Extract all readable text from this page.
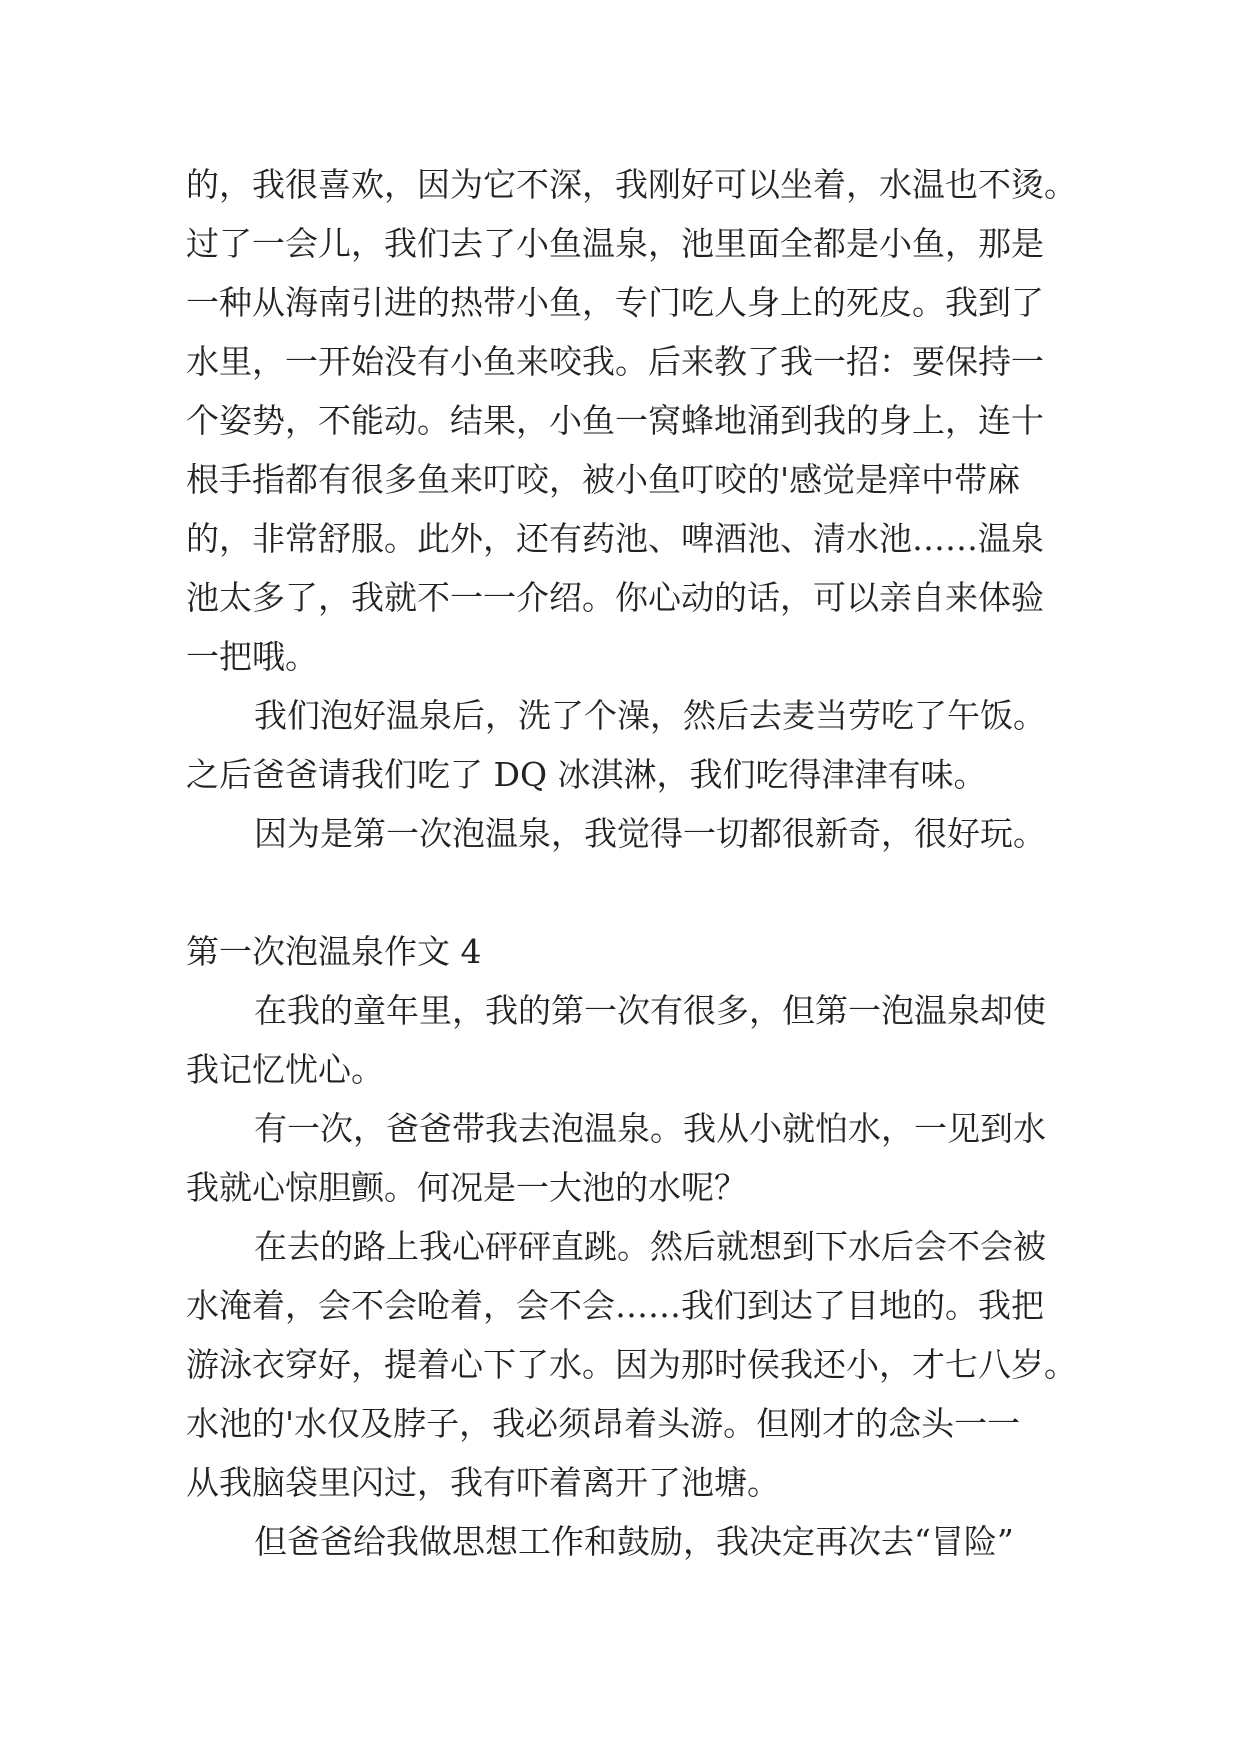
的，我很喜欢，因为它不深，我刚好可以坐着，水温也不烫。
过了一会儿，我们去了小鱼温泉，池里面全都是小鱼，那是
一种从海南引进的热带小鱼，专门吃人身上的死皮。我到了
水里，一开始没有小鱼来咬我。后来教了我一招：要保持一
个姿势，不能动。结果，小鱼一窝蜂地涌到我的身上，连十
根手指都有很多鱼来叮咬，被小鱼叮咬的'感觉是痒中带麻
的，非常舒服。此外，还有药池、啤酒池、清水池……温泉
池太多了，我就不一一介绍。你心动的话，可以亲自来体验
一把哦。
我们泡好温泉后，洗了个澡，然后去麦当劳吃了午饭。
之后爸爸请我们吃了 DQ 冰淇淋，我们吃得津津有味。
因为是第一次泡温泉，我觉得一切都很新奇，很好玩。
第一次泡温泉作文 4
在我的童年里，我的第一次有很多，但第一泡温泉却使
我记忆忧心。
有一次，爸爸带我去泡温泉。我从小就怕水，一见到水
我就心惊胆颤。何况是一大池的水呢？
在去的路上我心砰砰直跳。然后就想到下水后会不会被
水淹着，会不会呛着，会不会……我们到达了目地的。我把
游泳衣穿好，提着心下了水。因为那时侯我还小，才七八岁。
水池的'水仅及脖子，我必须昂着头游。但刚才的念头一一
从我脑袋里闪过，我有吓着离开了池塘。
但爸爸给我做思想工作和鼓励，我决定再次去“冒险”
